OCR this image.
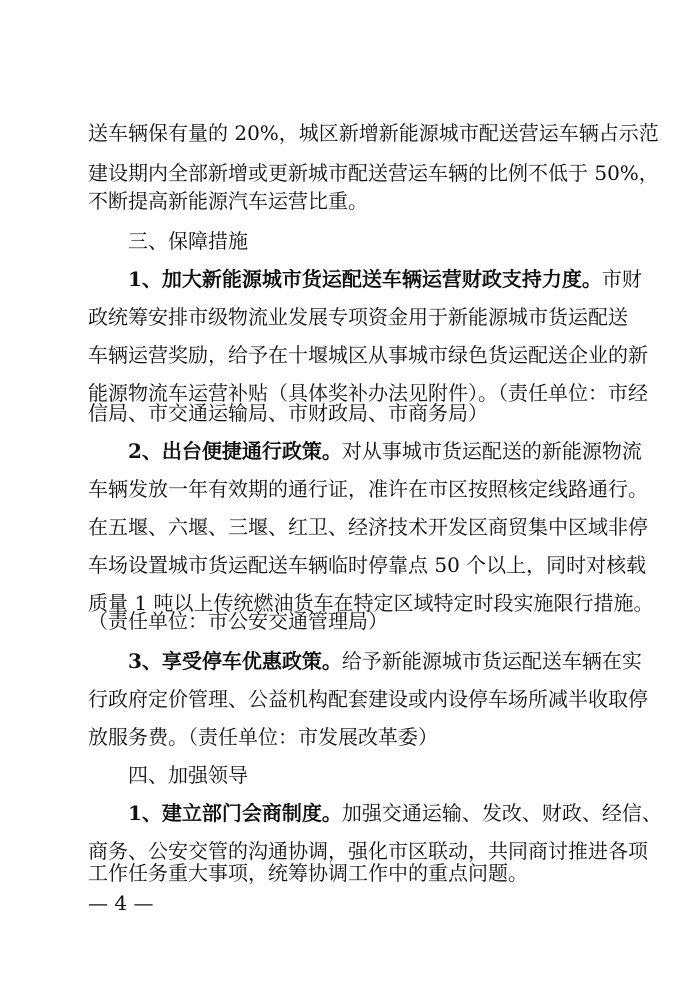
送车辆保有量的 20%，城区新增新能源城市配送营运车辆占示范
建设期内全部新增或更新城市配送营运车辆的比例不低于 50%，
不断提高新能源汽车运营比重。
三、保障措施
1、加大新能源城市货运配送车辆运营财政支持力度。市财
政统筹安排市级物流业发展专项资金用于新能源城市货运配送
车辆运营奖励，给予在十堰城区从事城市绿色货运配送企业的新
能源物流车运营补贴（具体奖补办法见附件）。（责任单位：市经
信局、市交通运输局、市财政局、市商务局）
2、出台便捷通行政策。对从事城市货运配送的新能源物流
车辆发放一年有效期的通行证，准许在市区按照核定线路通行。
在五堰、六堰、三堰、红卫、经济技术开发区商贸集中区域非停
车场设置城市货运配送车辆临时停靠点 50 个以上，同时对核载
质量 1 吨以上传统燃油货车在特定区域特定时段实施限行措施。
（责任单位：市公安交通管理局）
3、享受停车优惠政策。给予新能源城市货运配送车辆在实
行政府定价管理、公益机构配套建设或内设停车场所减半收取停
放服务费。（责任单位：市发展改革委）
四、加强领导
1、建立部门会商制度。加强交通运输、发改、财政、经信、
商务、公安交管的沟通协调，强化市区联动，共同商讨推进各项
工作任务重大事项，统筹协调工作中的重点问题。
— 4 —
